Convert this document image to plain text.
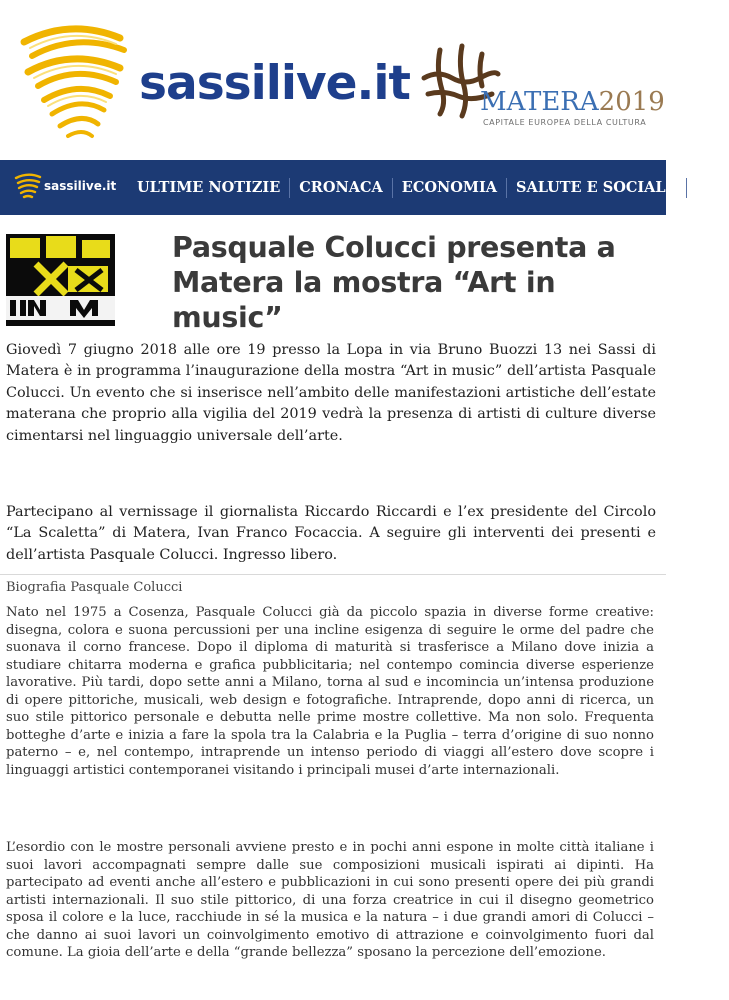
sassilive.it	MATERA2019
CAPITALE EUROPEA DELLA CULTURA
sassilive.it	ULTIME NOTIZIE	CRONACA	ECONOMIA	SALUTE E SOCIALE	CU
Pasquale Colucci presenta a Matera la mostra “Art in music”

Giovedì 7 giugno 2018 alle ore 19 presso la Lopa in via Bruno Buozzi 13 nei Sassi di Matera è in programma l’inaugurazione della mostra “Art in music” dell’artista Pasquale Colucci. Un evento che si inserisce nell’ambito delle manifestazioni artistiche dell’estate materana che proprio alla vigilia del 2019 vedrà la presenza di artisti di culture diverse cimentarsi nel linguaggio universale dell’arte.

Partecipano al vernissage il giornalista Riccardo Riccardi e l’ex presidente del Circolo “La Scaletta” di Matera, Ivan Franco Focaccia. A seguire gli interventi dei presenti e dell’artista Pasquale Colucci. Ingresso libero.

Biografia Pasquale Colucci

Nato nel 1975 a Cosenza, Pasquale Colucci già da piccolo spazia in diverse forme creative: disegna, colora e suona percussioni per una incline esigenza di seguire le orme del padre che suonava il corno francese. Dopo il diploma di maturità si trasferisce a Milano dove inizia a studiare chitarra moderna e grafica pubblicitaria; nel contempo comincia diverse esperienze lavorative. Più tardi, dopo sette anni a Milano, torna al sud e incomincia un’intensa produzione di opere pittoriche, musicali, web design e fotografiche. Intraprende, dopo anni di ricerca, un suo stile pittorico personale e debutta nelle prime mostre collettive. Ma non solo. Frequenta botteghe d’arte e inizia a fare la spola tra la Calabria e la Puglia – terra d’origine di suo nonno paterno – e, nel contempo, intraprende un intenso periodo di viaggi all’estero dove scopre i linguaggi artistici contemporanei visitando i principali musei d’arte internazionali.

L’esordio con le mostre personali avviene presto e in pochi anni espone in molte città italiane i suoi lavori accompagnati sempre dalle sue composizioni musicali ispirati ai dipinti. Ha partecipato ad eventi anche all’estero e pubblicazioni in cui sono presenti opere dei più grandi artisti internazionali. Il suo stile pittorico, di una forza creatrice in cui il disegno geometrico sposa il colore e la luce, racchiude in sé la musica e la natura – i due grandi amori di Colucci – che danno ai suoi lavori un coinvolgimento emotivo di attrazione e coinvolgimento fuori dal comune. La gioia dell’arte e della “grande bellezza” sposano la percezione dell’emozione.
